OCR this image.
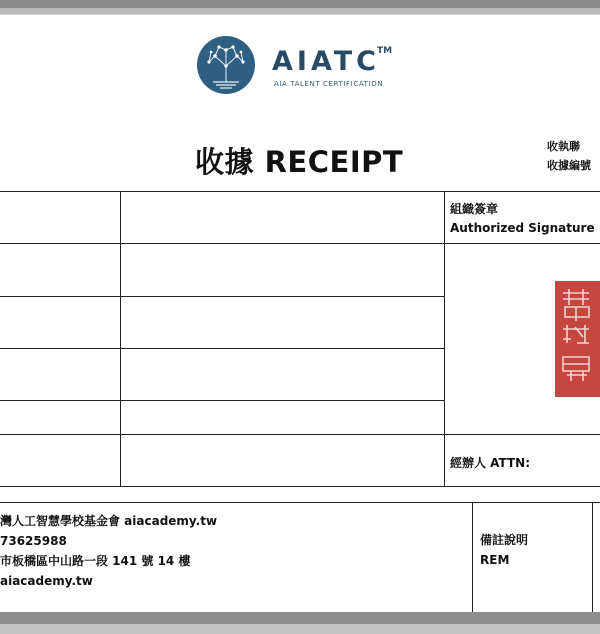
AIATC
TM
AIA TALENT CERTIFICATION
收據 RECEIPT	收執聯
收據編號
組織簽章
Authorized Signature
經辦人 ATTN:
灣人工智慧學校基金會 aiacademy.tw
73625988
市板橋區中山路一段 141 號 14 樓
aiacademy.tw
備註說明
REM
